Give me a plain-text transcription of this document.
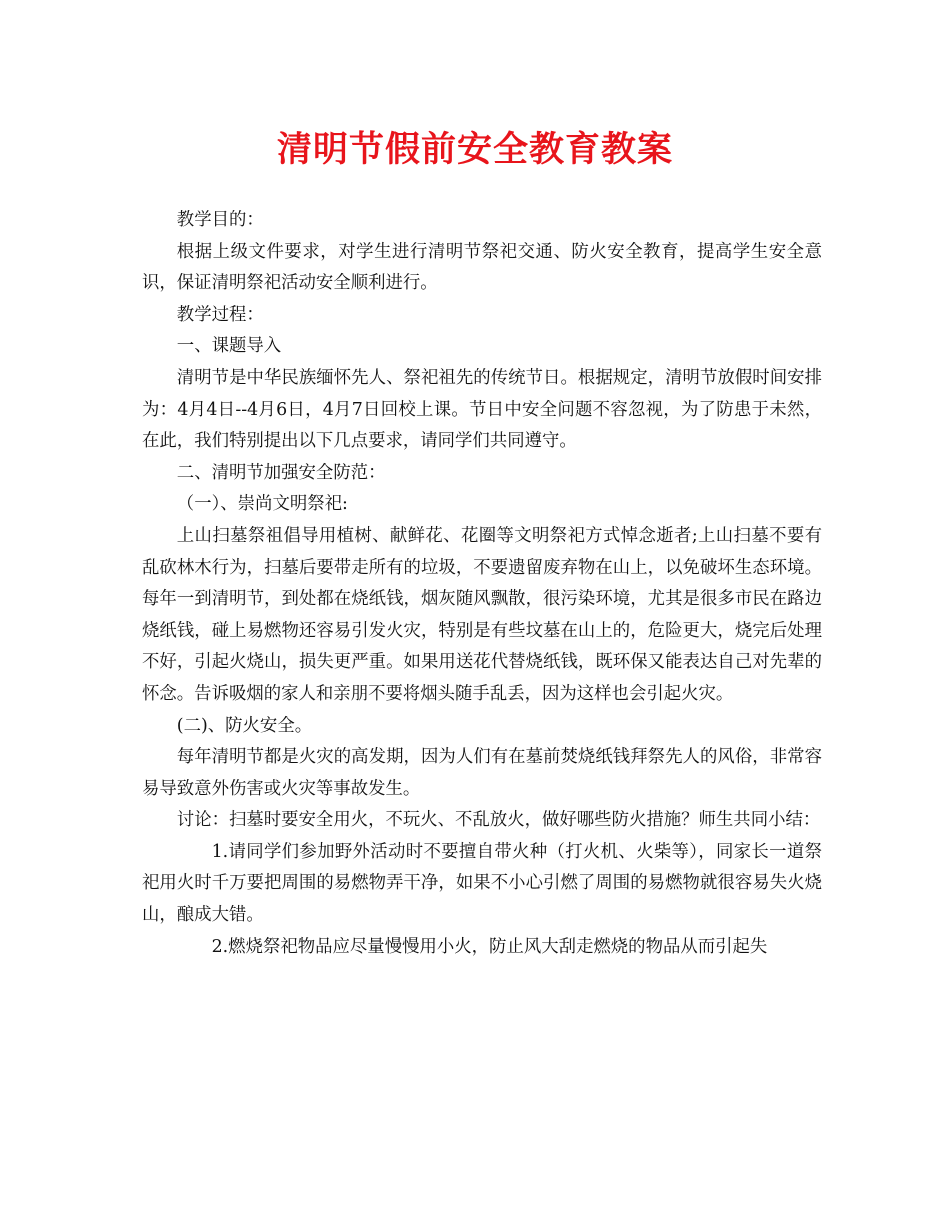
清明节假前安全教育教案

教学目的：

根据上级文件要求，对学生进行清明节祭祀交通、防火安全教育，提高学生安全意识，保证清明祭祀活动安全顺利进行。

教学过程：

一、课题导入

清明节是中华民族缅怀先人、祭祀祖先的传统节日。根据规定，清明节放假时间安排为：4月4日--4月6日，4月7日回校上课。节日中安全问题不容忽视，为了防患于未然，在此，我们特别提出以下几点要求，请同学们共同遵守。

二、清明节加强安全防范：

（一）、崇尚文明祭祀:

上山扫墓祭祖倡导用植树、献鲜花、花圈等文明祭祀方式悼念逝者;上山扫墓不要有乱砍林木行为，扫墓后要带走所有的垃圾，不要遗留废弃物在山上，以免破坏生态环境。每年一到清明节，到处都在烧纸钱，烟灰随风飘散，很污染环境，尤其是很多市民在路边烧纸钱，碰上易燃物还容易引发火灾，特别是有些坟墓在山上的，危险更大，烧完后处理不好，引起火烧山，损失更严重。如果用送花代替烧纸钱，既环保又能表达自己对先辈的怀念。告诉吸烟的家人和亲朋不要将烟头随手乱丢，因为这样也会引起火灾。

(二)、防火安全。

每年清明节都是火灾的高发期，因为人们有在墓前焚烧纸钱拜祭先人的风俗，非常容易导致意外伤害或火灾等事故发生。

讨论：扫墓时要安全用火，不玩火、不乱放火，做好哪些防火措施？师生共同小结：

1.请同学们参加野外活动时不要擅自带火种（打火机、火柴等），同家长一道祭祀用火时千万要把周围的易燃物弄干净，如果不小心引燃了周围的易燃物就很容易失火烧山，酿成大错。

2.燃烧祭祀物品应尽量慢慢用小火，防止风大刮走燃烧的物品从而引起失
